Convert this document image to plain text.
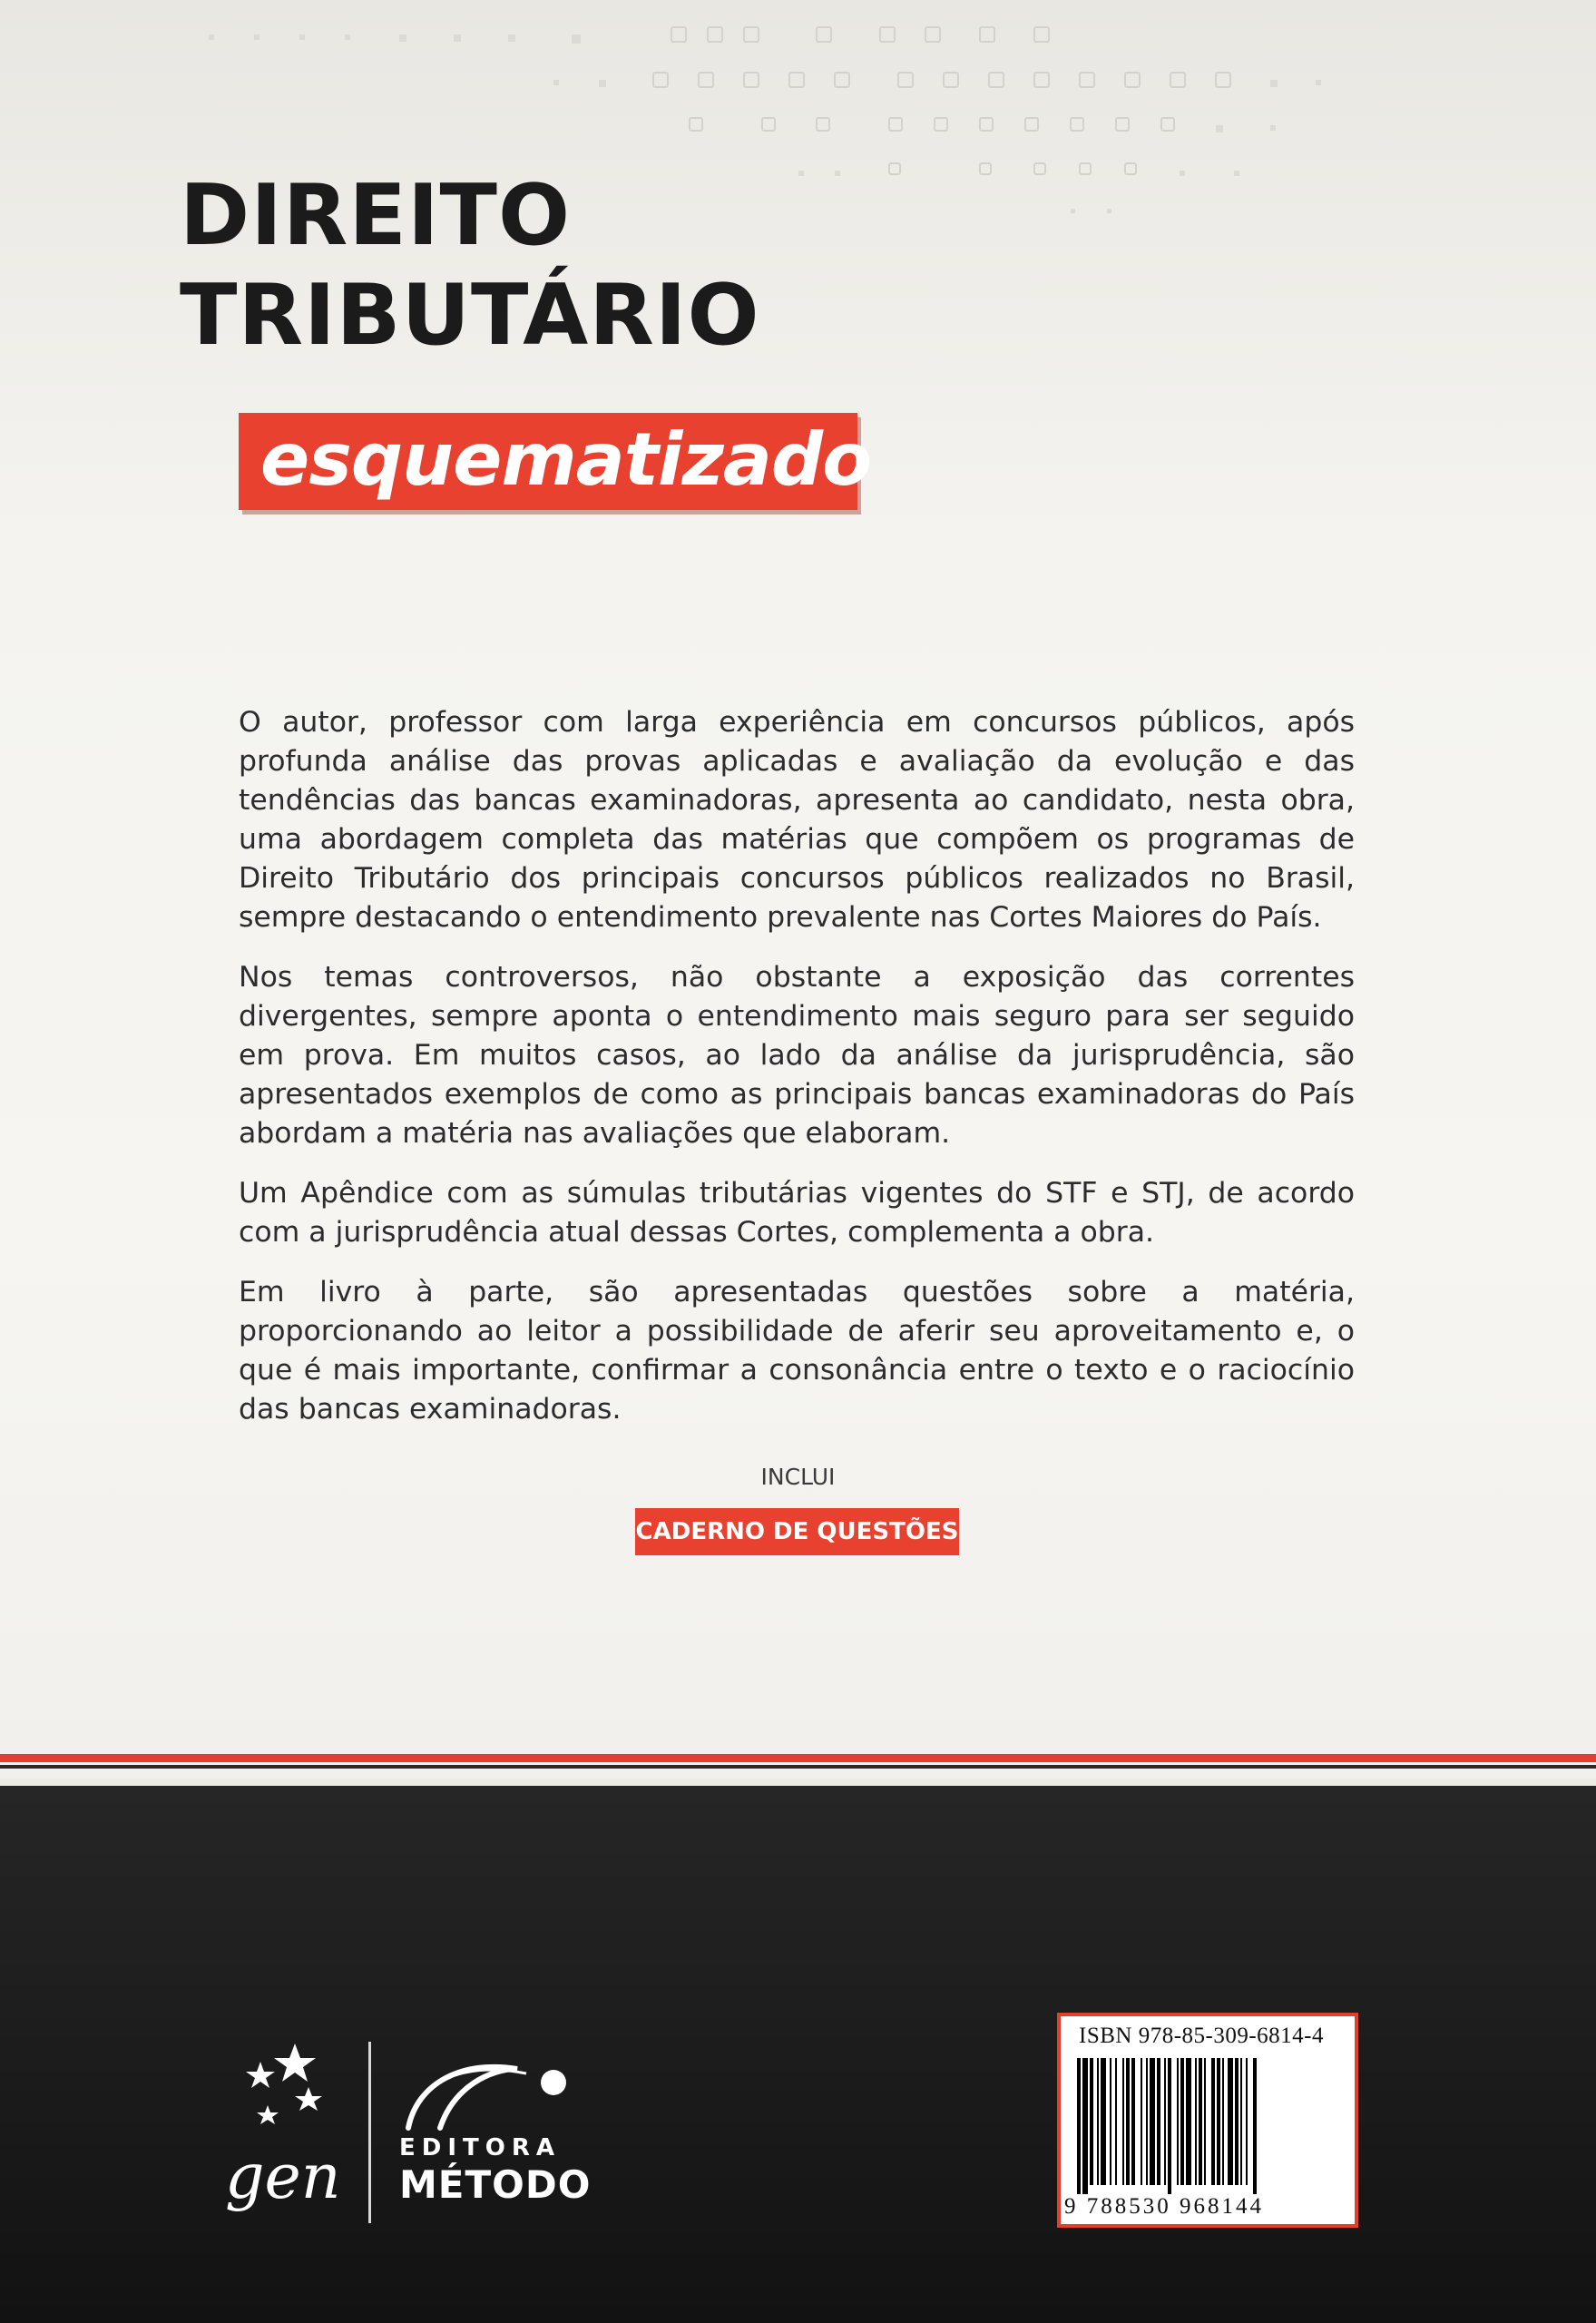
DIREITO
TRIBUTÁRIO
esquematizado

O autor, professor com larga experiência em concursos públicos, após profunda análise das provas aplicadas e avaliação da evolução e das tendências das bancas examinadoras, apresenta ao candidato, nesta obra, uma abordagem completa das matérias que compõem os programas de Direito Tributário dos principais concursos públicos realizados no Brasil, sempre destacando o entendimento prevalente nas Cortes Maiores do País.

Nos temas controversos, não obstante a exposição das correntes divergentes, sempre aponta o entendimento mais seguro para ser seguido em prova. Em muitos casos, ao lado da análise da jurisprudência, são apresentados exemplos de como as principais bancas examinadoras do País abordam a matéria nas avaliações que elaboram.

Um Apêndice com as súmulas tributárias vigentes do STF e STJ, de acordo com a jurisprudência atual dessas Cortes, complementa a obra.

Em livro à parte, são apresentadas questões sobre a matéria, proporcionando ao leitor a possibilidade de aferir seu aproveitamento e, o que é mais importante, confirmar a consonância entre o texto e o raciocínio das bancas examinadoras.

INCLUI
CADERNO DE QUESTÕES
gen EDITORA
MÉTODO
ISBN 978-85-309-6814-4
9 788530 968144
